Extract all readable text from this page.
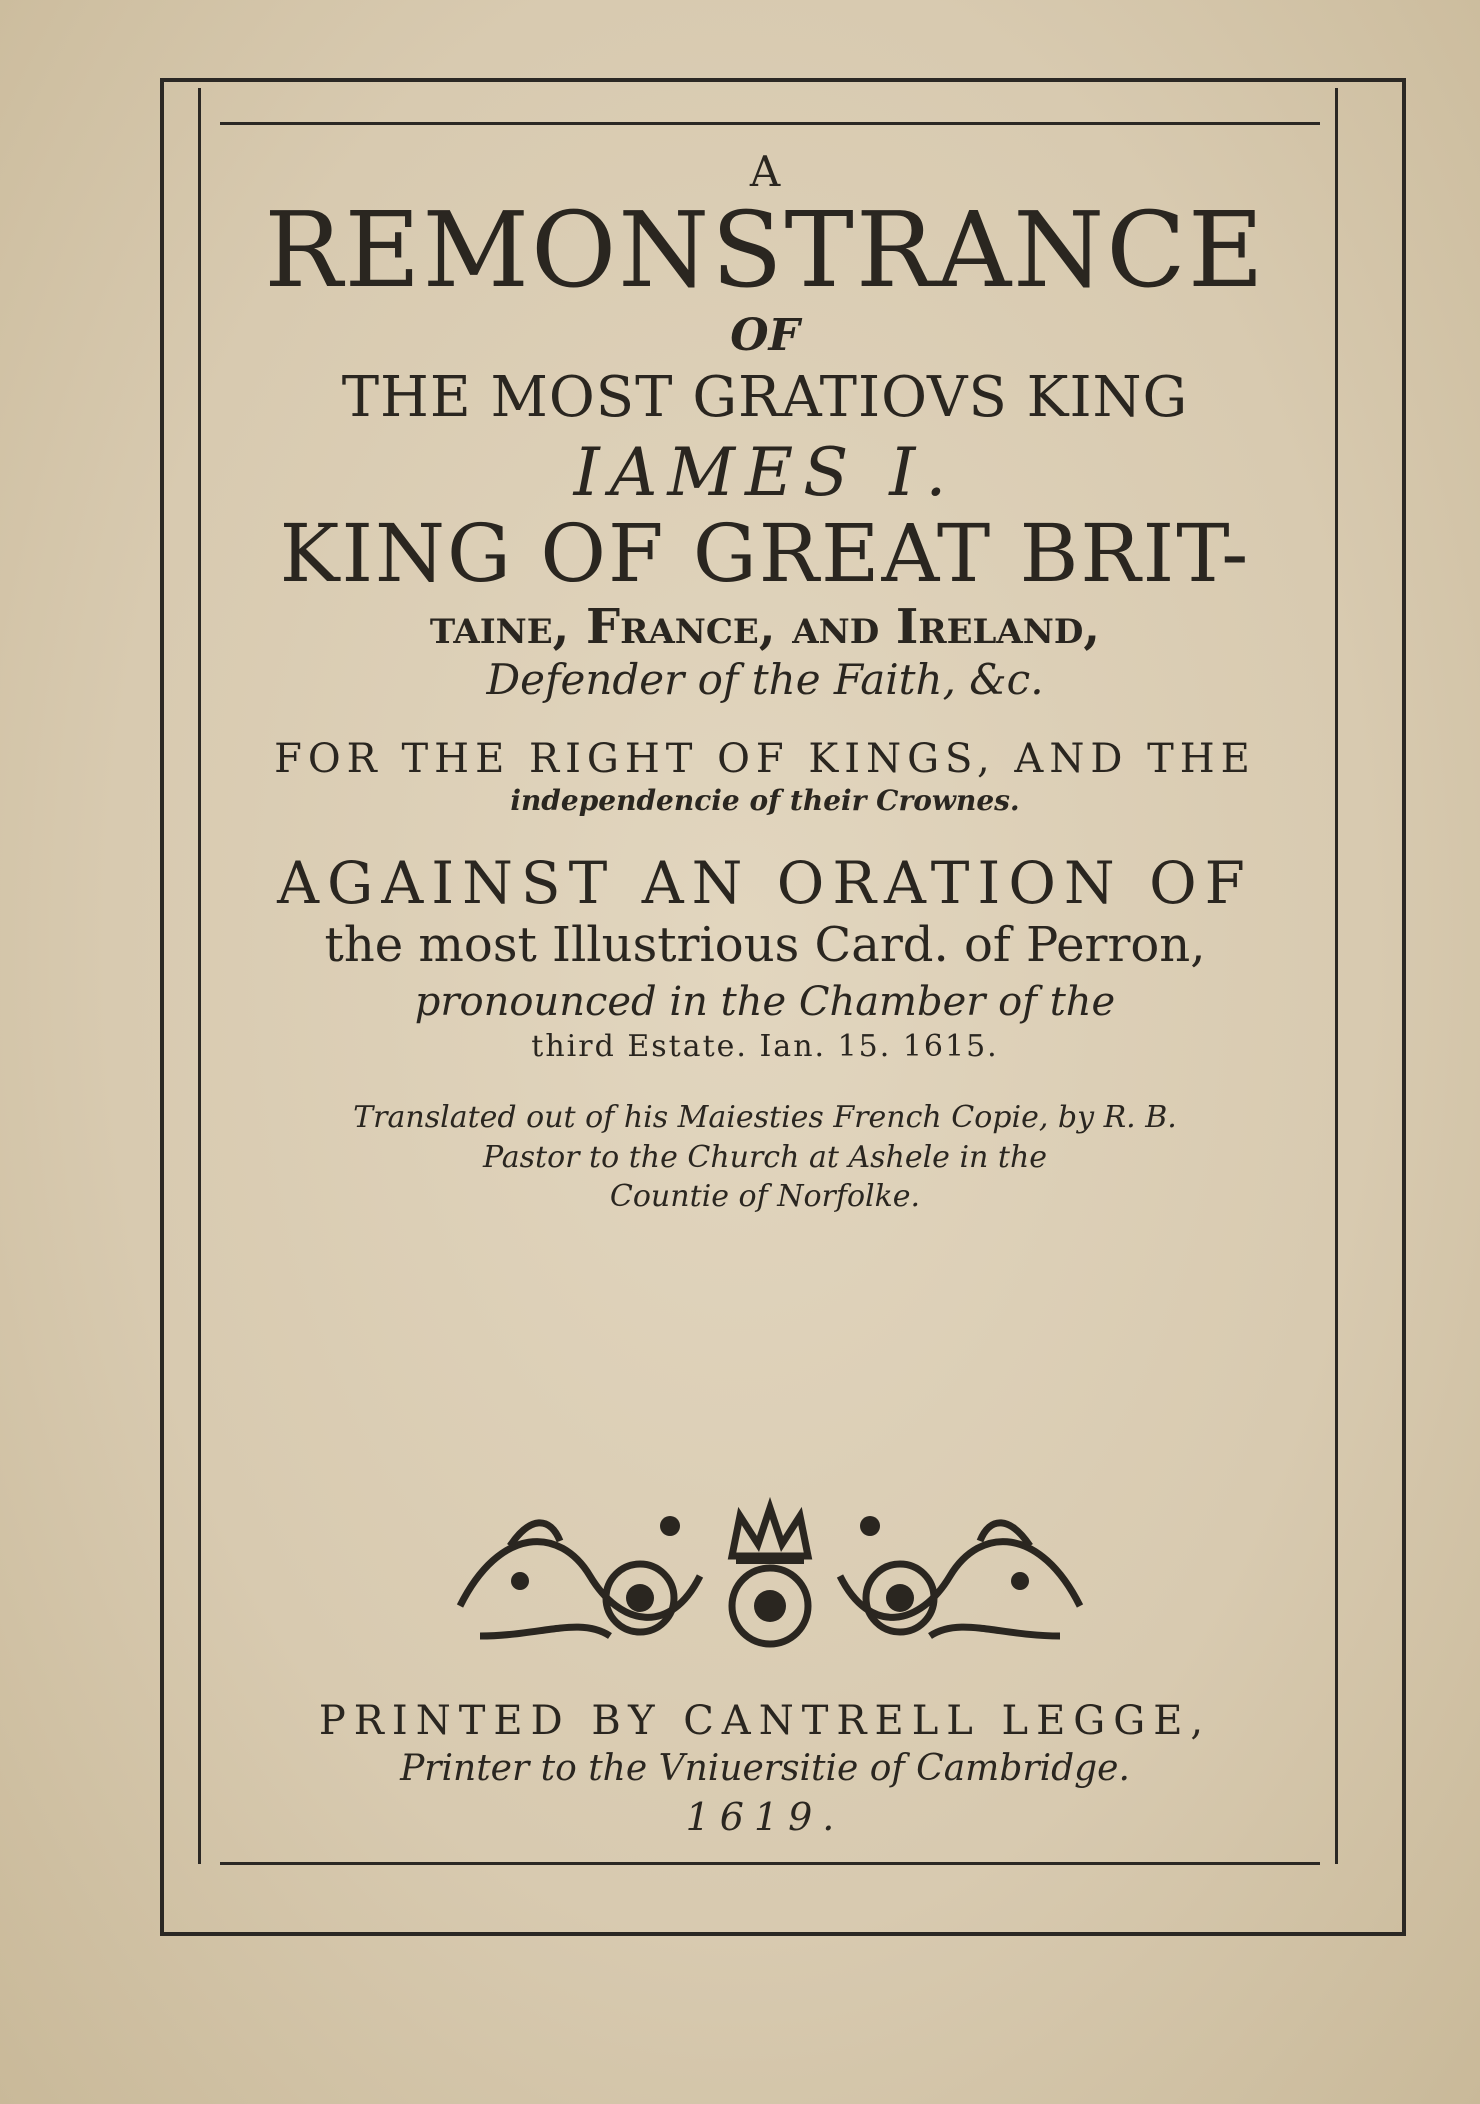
A
REMONSTRANCE
OF
THE MOST GRATIOVS KING
IAMES I.
KING OF GREAT BRIT-
taine, France, and Ireland,
Defender of the Faith, &c.
FOR THE RIGHT OF KINGS, AND THE
independencie of their Crownes.
AGAINST AN ORATION OF
the most Illustrious Card. of Perron,
pronounced in the Chamber of the
third Estate. Ian. 15. 1615.
Translated out of his Maiesties French Copie, by R. B.
Pastor to the Church at Ashele in the
Countie of Norfolke.
PRINTED BY CANTRELL LEGGE,
Printer to the Vniuersitie of Cambridge.
1619.
